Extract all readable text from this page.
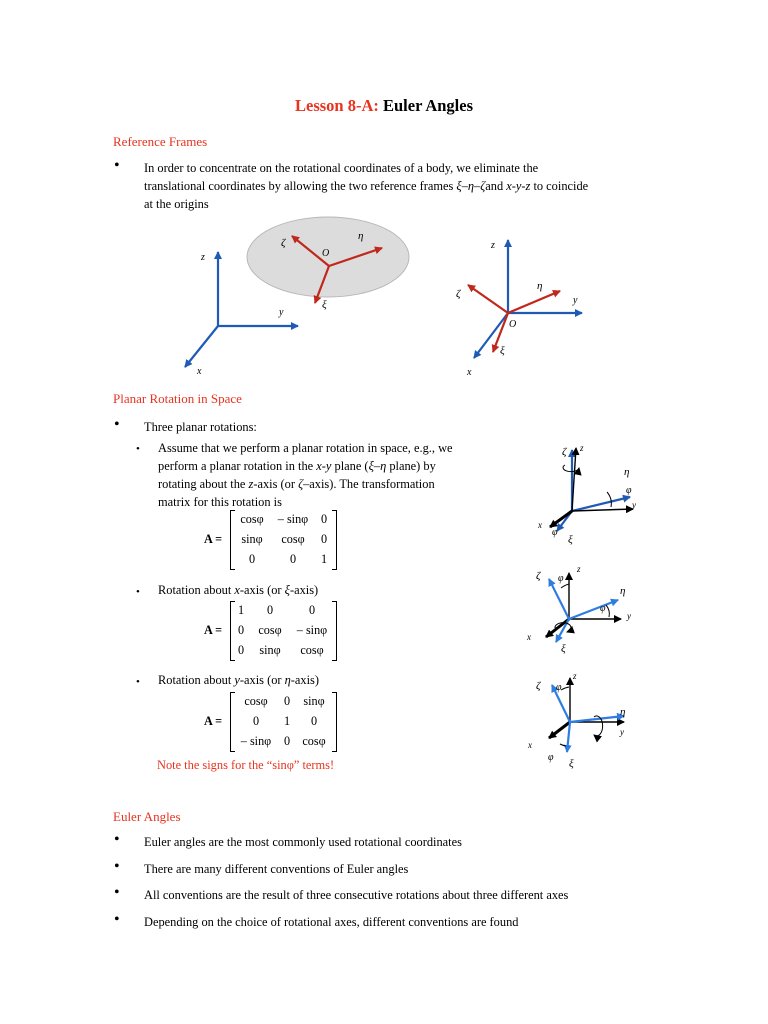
Lesson 8-A: Euler Angles
Reference Frames
• In order to concentrate on the rotational coordinates of a body, we eliminate the
translational coordinates by allowing the two reference frames ξ–η–ζand x-y-z to coincide
at the origins
z
y
x
ζ
η
ξ
O
z
y
x
ζ
η
ξ
O
ζ z
η
φ
y
x
φ
ξ
ζ φ
z
η
φ
y
x
ξ
ζ φ
z
η
y
x
φ
ξ
Planar Rotation in Space
• Three planar rotations:
• Assume that we perform a planar rotation in space, e.g., we
perform a planar rotation in the x-y plane (ξ–η plane) by
rotating about the z-axis (or ζ–axis). The transformation
matrix for this rotation is
A =
cosφ	– sinφ	0
sinφ	cosφ	0
0	0	1
• Rotation about x-axis (or ξ-axis)
A =
1	0	0
0	cosφ	– sinφ
0	sinφ	cosφ
• Rotation about y-axis (or η-axis)
A =
cosφ	0	sinφ
0	1	0
– sinφ	0	cosφ
Note the signs for the “sinφ” terms!
Euler Angles
• Euler angles are the most commonly used rotational coordinates
• There are many different conventions of Euler angles
• All conventions are the result of three consecutive rotations about three different axes
• Depending on the choice of rotational axes, different conventions are found
